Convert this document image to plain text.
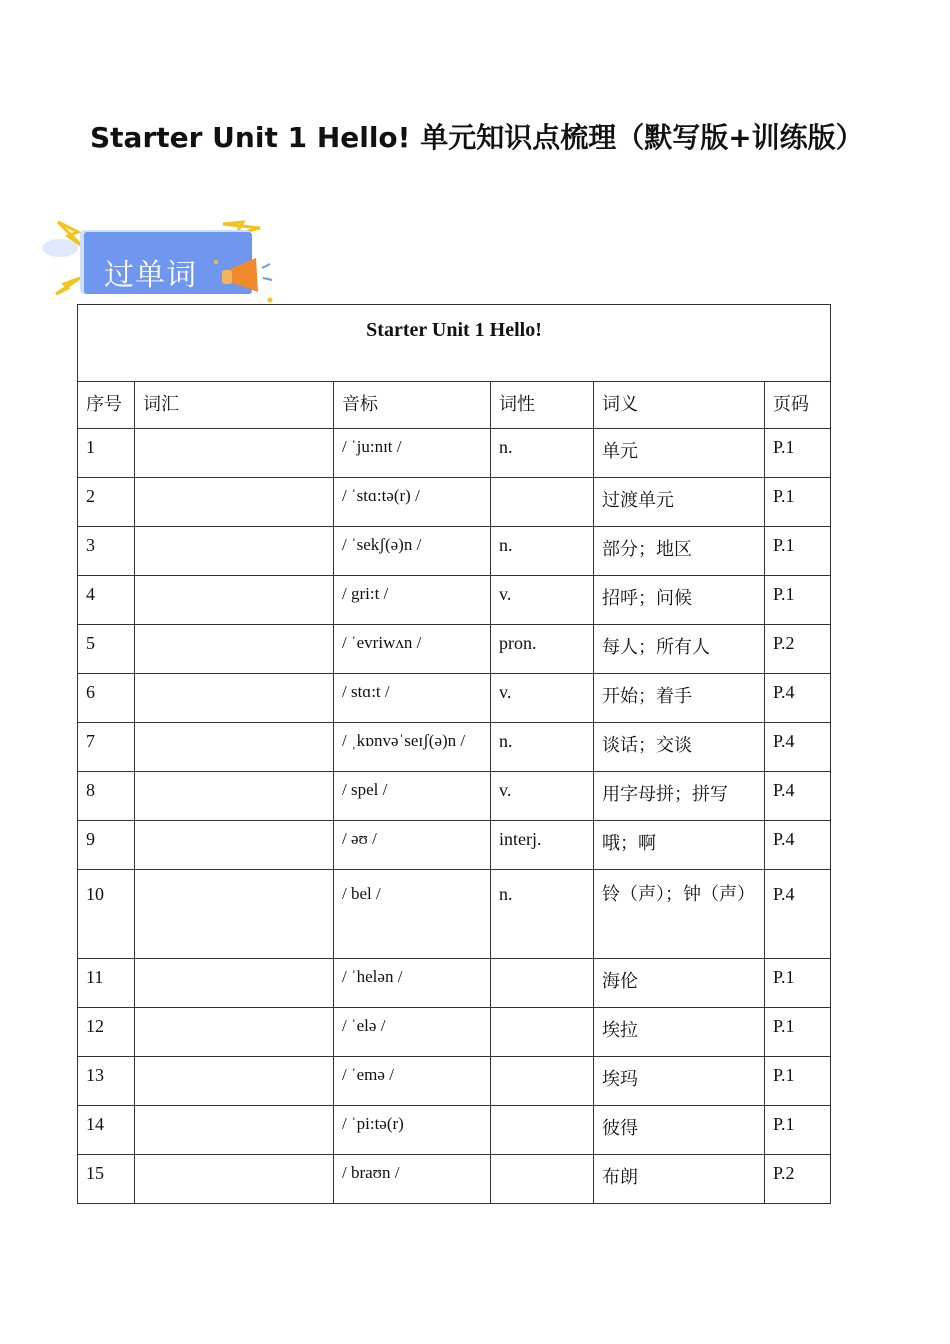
Starter Unit 1 Hello! 单元知识点梳理（默写版+训练版）
过单词
Starter Unit 1 Hello!					
序号	词汇	音标	词性	词义	页码
1		/ ˈju:nɪt /	n.	单元	P.1
2		/ ˈstɑ:tə(r) /		过渡单元	P.1
3		/ ˈsekʃ(ə)n /	n.	部分；地区	P.1
4		/ gri:t /	v.	招呼；问候	P.1
5		/ ˈevriwʌn /	pron.	每人；所有人	P.2
6		/ stɑ:t /	v.	开始；着手	P.4
7		/ ˌkɒnvəˈseɪʃ(ə)n /	n.	谈话；交谈	P.4
8		/ spel /	v.	用字母拼；拼写	P.4
9		/ əʊ /	interj.	哦；啊	P.4
10		/ bel /	n.	铃（声）；钟（声）	P.4
11		/ ˈhelən /		海伦	P.1
12		/ ˈelə /		埃拉	P.1
13		/ ˈemə /		埃玛	P.1
14		/ ˈpi:tə(r)		彼得	P.1
15		/ braʊn /		布朗	P.2
